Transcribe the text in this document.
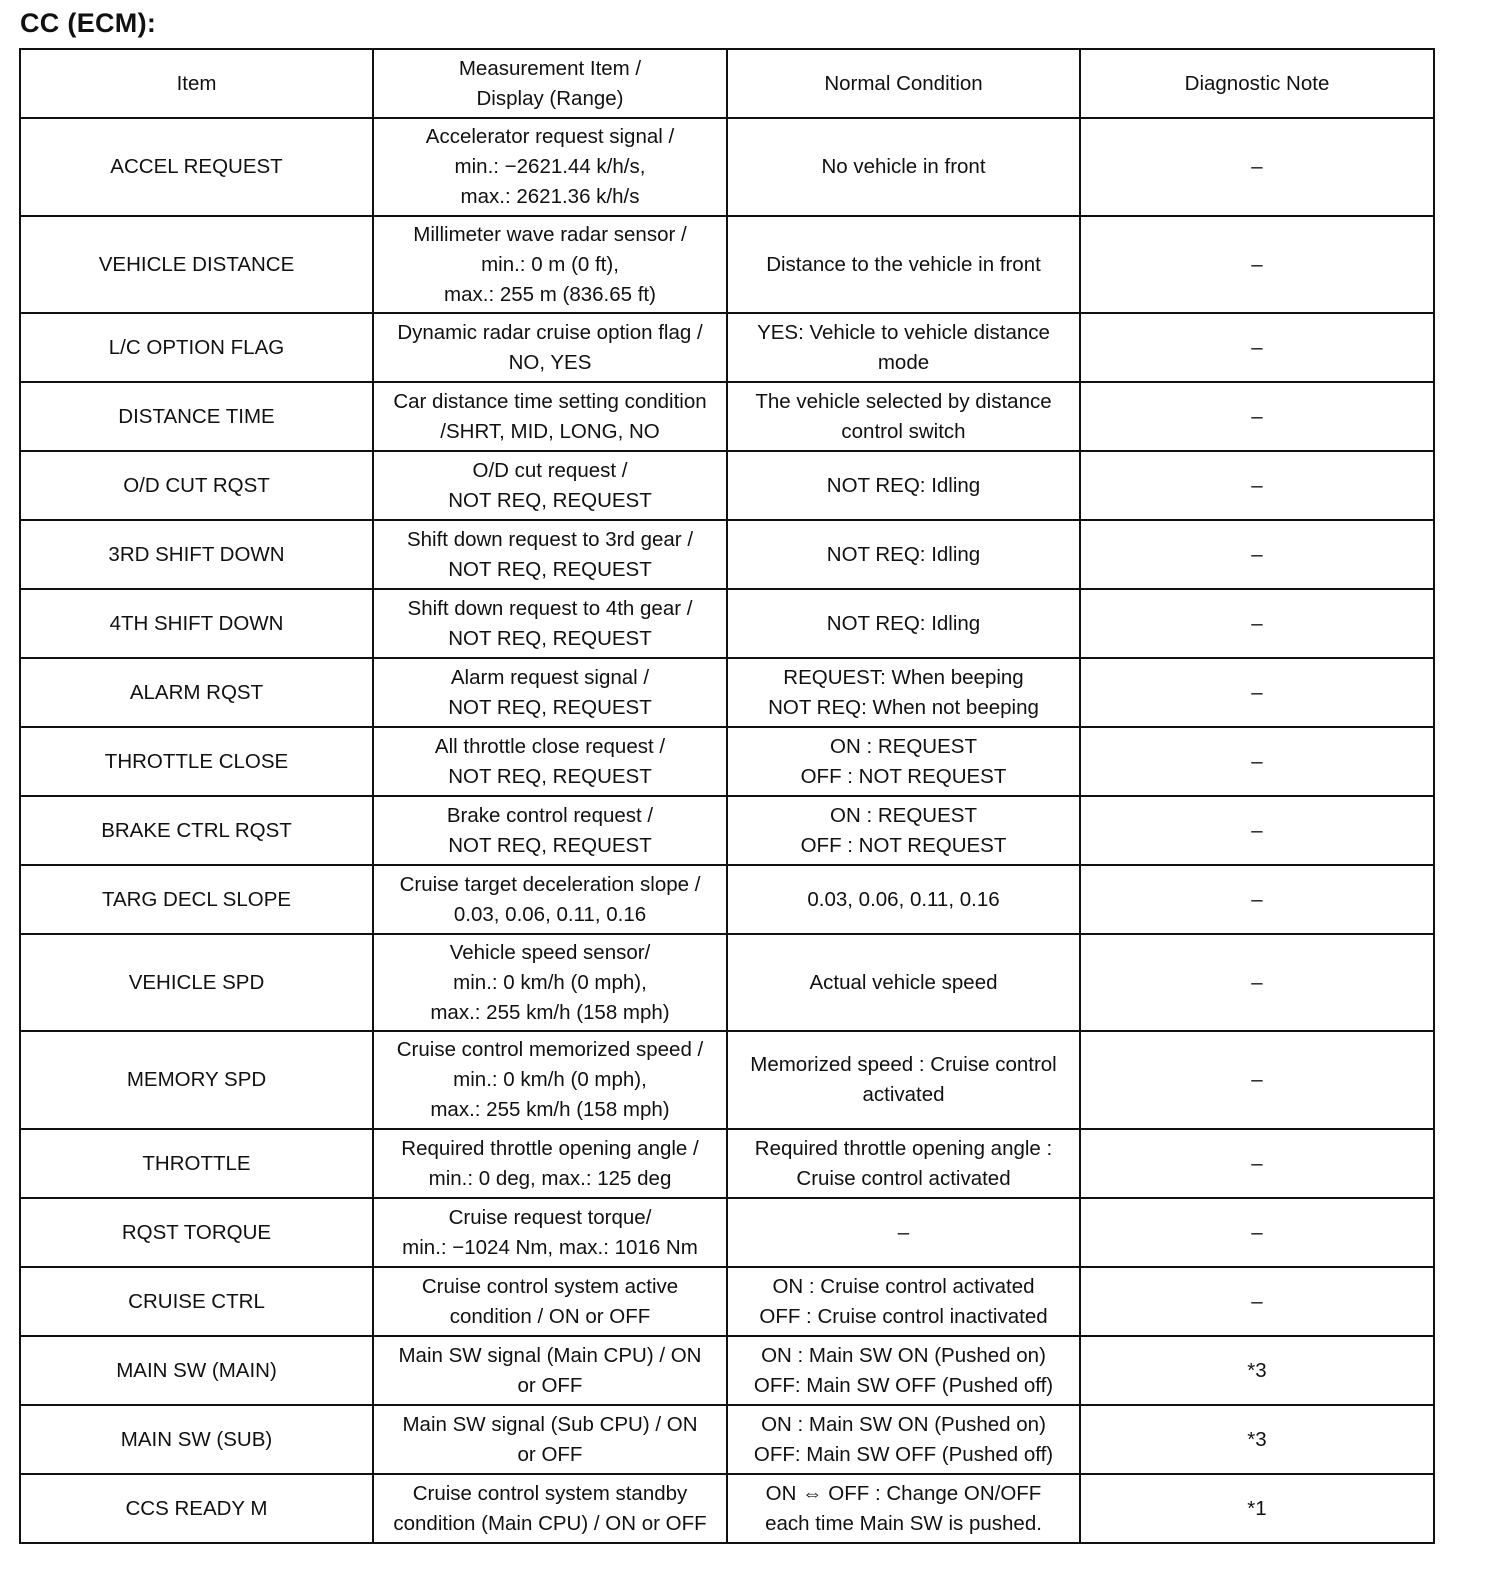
CC (ECM):
Item	Measurement Item /
Display (Range)	Normal Condition	Diagnostic Note

ACCEL REQUEST	Accelerator request signal /
min.: −2621.44 k/h/s,
max.: 2621.36 k/h/s	No vehicle in front	–

VEHICLE DISTANCE	Millimeter wave radar sensor /
min.: 0 m (0 ft),
max.: 255 m (836.65 ft)	Distance to the vehicle in front	–

L/C OPTION FLAG	Dynamic radar cruise option flag /
NO, YES	YES: Vehicle to vehicle distance
mode	–

DISTANCE TIME	Car distance time setting condition
/SHRT, MID, LONG, NO	The vehicle selected by distance
control switch	–

O/D CUT RQST	O/D cut request /
NOT REQ, REQUEST	NOT REQ: Idling	–

3RD SHIFT DOWN	Shift down request to 3rd gear /
NOT REQ, REQUEST	NOT REQ: Idling	–

4TH SHIFT DOWN	Shift down request to 4th gear /
NOT REQ, REQUEST	NOT REQ: Idling	–

ALARM RQST	Alarm request signal /
NOT REQ, REQUEST	REQUEST: When beeping
NOT REQ: When not beeping	–

THROTTLE CLOSE	All throttle close request /
NOT REQ, REQUEST	ON : REQUEST
OFF : NOT REQUEST	–

BRAKE CTRL RQST	Brake control request /
NOT REQ, REQUEST	ON : REQUEST
OFF : NOT REQUEST	–

TARG DECL SLOPE	Cruise target deceleration slope /
0.03, 0.06, 0.11, 0.16	0.03, 0.06, 0.11, 0.16	–

VEHICLE SPD	Vehicle speed sensor/
min.: 0 km/h (0 mph),
max.: 255 km/h (158 mph)	Actual vehicle speed	–

MEMORY SPD	Cruise control memorized speed /
min.: 0 km/h (0 mph),
max.: 255 km/h (158 mph)	Memorized speed : Cruise control
activated	–

THROTTLE	Required throttle opening angle /
min.: 0 deg, max.: 125 deg	Required throttle opening angle :
Cruise control activated	–

RQST TORQUE	Cruise request torque/
min.: −1024 Nm, max.: 1016 Nm	–	–

CRUISE CTRL	Cruise control system active
condition / ON or OFF	ON : Cruise control activated
OFF : Cruise control inactivated	–

MAIN SW (MAIN)	Main SW signal (Main CPU) / ON
or OFF	ON : Main SW ON (Pushed on)
OFF: Main SW OFF (Pushed off)	*3

MAIN SW (SUB)	Main SW signal (Sub CPU) / ON
or OFF	ON : Main SW ON (Pushed on)
OFF: Main SW OFF (Pushed off)	*3

CCS READY M	Cruise control system standby
condition (Main CPU) / ON or OFF	ON ⇔ OFF : Change ON/OFF
each time Main SW is pushed.	*1
